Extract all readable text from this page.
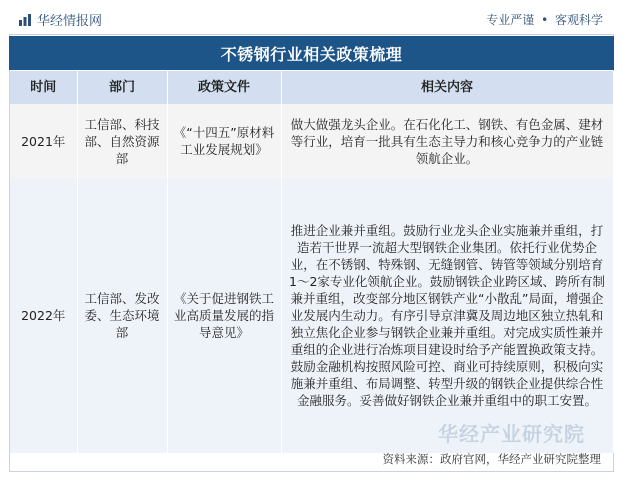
华经情报网	专业严谨 • 客观科学
不锈钢行业相关政策梳理
时间	部门	政策文件	相关内容
2021年	工信部、科技部、自然资源部	《“十四五”原材料工业发展规划》	做大做强龙头企业。在石化化工、钢铁、有色金属、建材等行业，培育一批具有生态主导力和核心竞争力的产业链领航企业。
2022年	工信部、发改委、生态环境部	《关于促进钢铁工业高质量发展的指导意见》	推进企业兼并重组。鼓励行业龙头企业实施兼并重组，打造若干世界一流超大型钢铁企业集团。依托行业优势企业，在不锈钢、特殊钢、无缝钢管、铸管等领域分别培育1～2家专业化领航企业。鼓励钢铁企业跨区域、跨所有制兼并重组，改变部分地区钢铁产业“小散乱”局面，增强企业发展内生动力。有序引导京津冀及周边地区独立热轧和独立焦化企业参与钢铁企业兼并重组。对完成实质性兼并重组的企业进行冶炼项目建设时给予产能置换政策支持。鼓励金融机构按照风险可控、商业可持续原则，积极向实施兼并重组、布局调整、转型升级的钢铁企业提供综合性金融服务。妥善做好钢铁企业兼并重组中的职工安置。
华经产业研究院
资料来源：政府官网，华经产业研究院整理
